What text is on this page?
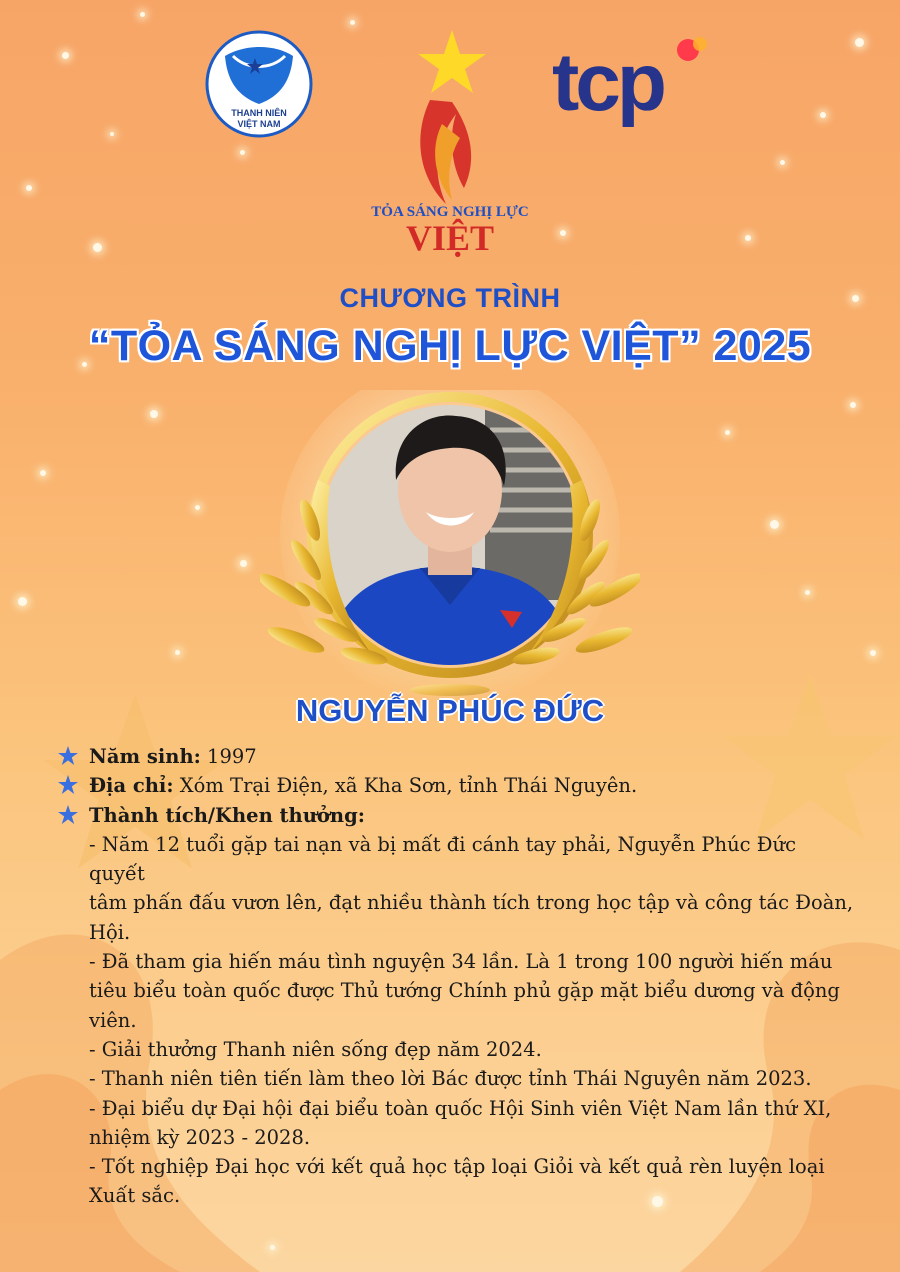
THANH NIÊN
VIỆT NAM
TỎA SÁNG NGHỊ LỰC
VIỆT
tcp
CHƯƠNG TRÌNH
“TỎA SÁNG NGHỊ LỰC VIỆT” 2025
NGUYỄN PHÚC ĐỨC
Năm sinh: 1997
Địa chỉ: Xóm Trại Điện, xã Kha Sơn, tỉnh Thái Nguyên.
Thành tích/Khen thưởng:
- Năm 12 tuổi gặp tai nạn và bị mất đi cánh tay phải, Nguyễn Phúc Đức quyết
tâm phấn đấu vươn lên, đạt nhiều thành tích trong học tập và công tác Đoàn,
Hội.
- Đã tham gia hiến máu tình nguyện 34 lần. Là 1 trong 100 người hiến máu
tiêu biểu toàn quốc được Thủ tướng Chính phủ gặp mặt biểu dương và động
viên.
- Giải thưởng Thanh niên sống đẹp năm 2024.
- Thanh niên tiên tiến làm theo lời Bác được tỉnh Thái Nguyên năm 2023.
- Đại biểu dự Đại hội đại biểu toàn quốc Hội Sinh viên Việt Nam lần thứ XI,
nhiệm kỳ 2023 - 2028.
- Tốt nghiệp Đại học với kết quả học tập loại Giỏi và kết quả rèn luyện loại
Xuất sắc.
